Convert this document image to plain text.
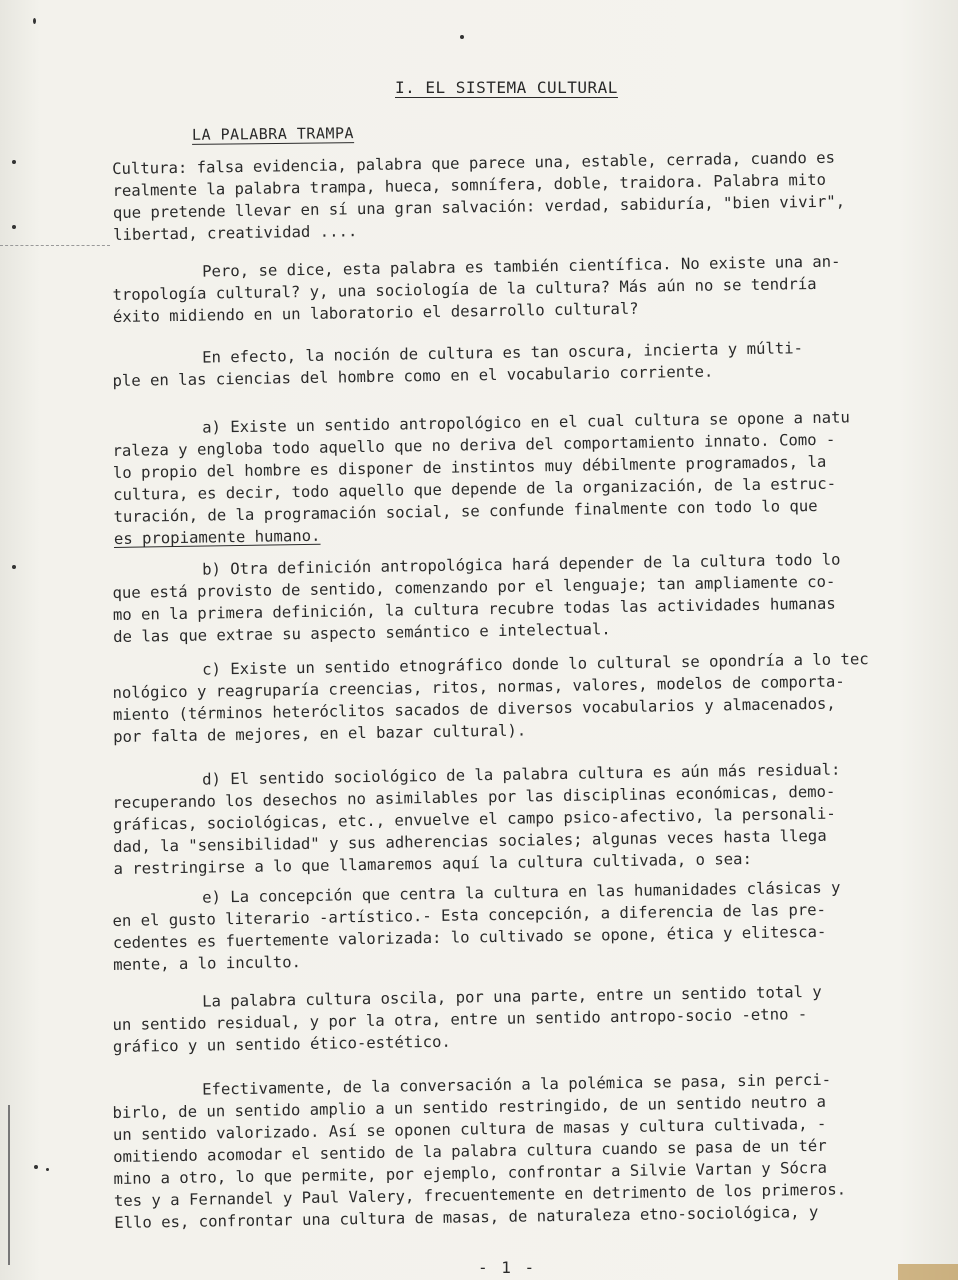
I. EL SISTEMA CULTURAL
LA PALABRA TRAMPA
Cultura: falsa evidencia, palabra que parece una, estable, cerrada, cuando es
realmente la palabra trampa, hueca, somnífera, doble, traidora. Palabra mito
que pretende llevar en sí una gran salvación: verdad, sabiduría, "bien vivir",
libertad, creatividad ....
Pero, se dice, esta palabra es también científica. No existe una an-
tropología cultural? y, una sociología de la cultura? Más aún no se tendría
éxito midiendo en un laboratorio el desarrollo cultural?
En efecto, la noción de cultura es tan oscura, incierta y múlti-
ple en las ciencias del hombre como en el vocabulario corriente.
a) Existe un sentido antropológico en el cual cultura se opone a natu
raleza y engloba todo aquello que no deriva del comportamiento innato. Como -
lo propio del hombre es disponer de instintos muy débilmente programados, la
cultura, es decir, todo aquello que depende de la organización, de la estruc-
turación, de la programación social, se confunde finalmente con todo lo que
es propiamente humano.
b) Otra definición antropológica hará depender de la cultura todo lo
que está provisto de sentido, comenzando por el lenguaje; tan ampliamente co-
mo en la primera definición, la cultura recubre todas las actividades humanas
de las que extrae su aspecto semántico e intelectual.
c) Existe un sentido etnográfico donde lo cultural se opondría a lo tec
nológico y reagruparía creencias, ritos, normas, valores, modelos de comporta-
miento (términos heteróclitos sacados de diversos vocabularios y almacenados,
por falta de mejores, en el bazar cultural).
d) El sentido sociológico de la palabra cultura es aún más residual:
recuperando los desechos no asimilables por las disciplinas económicas, demo-
gráficas, sociológicas, etc., envuelve el campo psico-afectivo, la personali-
dad, la "sensibilidad" y sus adherencias sociales; algunas veces hasta llega
a restringirse a lo que llamaremos aquí la cultura cultivada, o sea:
e) La concepción que centra la cultura en las humanidades clásicas y
en el gusto literario -artístico.- Esta concepción, a diferencia de las pre-
cedentes es fuertemente valorizada: lo cultivado se opone, ética y elitesca-
mente, a lo inculto.
La palabra cultura oscila, por una parte, entre un sentido total y
un sentido residual, y por la otra, entre un sentido antropo-socio -etno -
gráfico y un sentido ético-estético.
Efectivamente, de la conversación a la polémica se pasa, sin perci-
birlo, de un sentido amplio a un sentido restringido, de un sentido neutro a
un sentido valorizado. Así se oponen cultura de masas y cultura cultivada, -
omitiendo acomodar el sentido de la palabra cultura cuando se pasa de un tér
mino a otro, lo que permite, por ejemplo, confrontar a Silvie Vartan y Sócra
tes y a Fernandel y Paul Valery, frecuentemente en detrimento de los primeros.
Ello es, confrontar una cultura de masas, de naturaleza etno-sociológica, y
- 1 -
